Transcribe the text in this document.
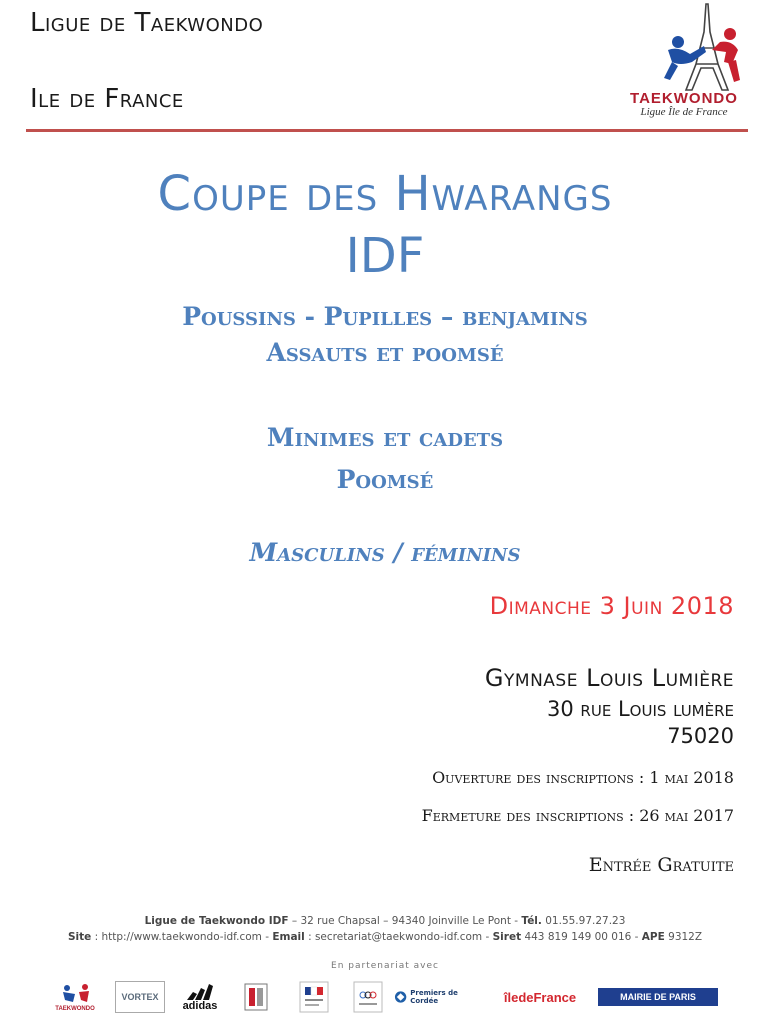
Ligue de Taekwondo
Ile de France	TAEKWONDO
Ligue Île de France
Coupe des Hwarangs
IDF
Poussins - Pupilles – benjamins
Assauts et poomsé
Minimes et cadets
Poomsé
Masculins / féminins
Dimanche 3 Juin 2018
Gymnase Louis Lumière
30 rue Louis lumère
75020
Ouverture des inscriptions : 1 mai 2018
Fermeture des inscriptions : 26 mai 2017
Entrée Gratuite
Ligue de Taekwondo IDF – 32 rue Chapsal – 94340 Joinville Le Pont - Tél. 01.55.97.27.23
Site : http://www.taekwondo-idf.com - Email : secretariat@taekwondo-idf.com - Siret 443 819 149 00 016 - APE 9312Z
En partenariat avec
TAEKWONDO
VORTEX
adidas
Premiers de Cordée	îledeFrance	MAIRIE DE PARIS
